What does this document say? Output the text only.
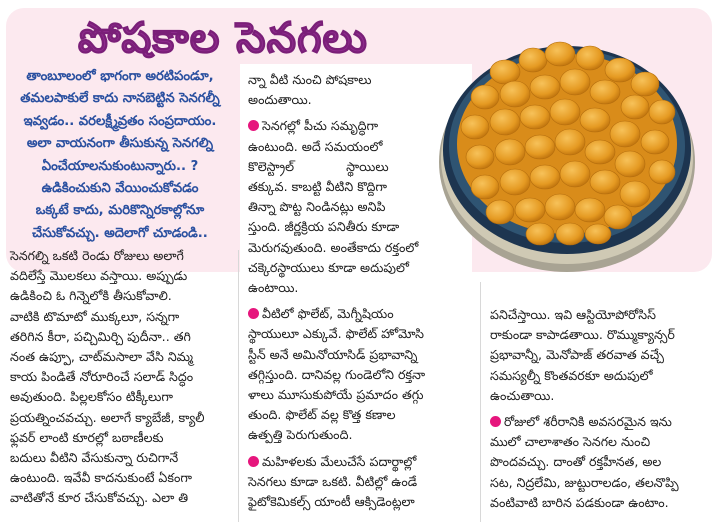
పోషకాల సెనగలు
తాంబూలంలో భాగంగా అరటిపండూ,
తమలపాకులే కాదు నానబెట్టిన సెనగల్నీ
ఇవ్వడం.. వరలక్ష్మీవ్రతం సంప్రదాయం.
అలా వాయనంగా తీసుకున్న సెనగల్ని
ఏంచేయాలనుకుంటున్నారు.. ?
ఉడికించుకుని వేయించుకోవడం
ఒక్కటే కాదు, మరికొన్నిరకాల్లోనూ
చేసుకోవచ్చు. అదెలాగో చూడండి..
సెనగల్ని ఒకటి రెండు రోజులు అలాగే
వదిలేస్తే మొలకలు వస్తాయి. అప్పుడు
ఉడికించి ఓ గిన్నెలోకి తీసుకోవాలి.
వాటికి టొమాటో ముక్కలూ, సన్నగా
తరిగిన కీరా, పచ్చిమిర్చి పుదీనా.. తగి
నంత ఉప్పూ, చాట్‌మసాలా వేసి నిమ్మ
కాయ పిండితే నోరూరించే సలాడ్ సిద్ధం
అవుతుంది. పిల్లలకోసం టిక్కీలుగా
ప్రయత్నించవచ్చు. అలాగే క్యాబేజీ, క్యాలీ
ఫ్లవర్ లాంటి కూరల్లో బఠాణీలకు
బదులు వీటిని వేసుకున్నా రుచిగానే
ఉంటుంది. ఇవేవీ కాదనుకుంటే ఏకంగా
వాటితోనే కూర చేసుకోవచ్చు. ఎలా తి
న్నా వీటి నుంచి పోషకాలు
అందుతాయి.
సెనగల్లో పీచు సమృద్ధిగా
ఉంటుంది. అదే సమయంలో
కొలెస్ట్రాల్             స్థాయిలు
తక్కువ. కాబట్టి వీటిని కొద్దిగా
తిన్నా పొట్ట నిండినట్లు అనిపి
స్తుంది. జీర్ణక్రియ పనితీరు కూడా
మెరుగవుతుంది. అంతేకాదు రక్తంలో
చక్కెరస్థాయులు కూడా అదుపులో
ఉంటాయి.
వీటిలో ఫొలేట్, మెగ్నీషియం
స్థాయులూ ఎక్కువే. ఫొలేట్ హోమోసి
స్టీన్ అనే అమినోయాసిడ్ ప్రభావాన్ని
తగ్గిస్తుంది. దానివల్ల గుండెలోని రక్తనా
ళాలు మూసుకుపోయే ప్రమాదం తగ్గు
తుంది. ఫొలేట్ వల్ల కొత్త కణాల
ఉత్పత్తి పెరుగుతుంది.
మహిళలకు మేలుచేసే పదార్థాల్లో
సెనగలు కూడా ఒకటి. వీటిల్లో ఉండే
ఫైటోకెమికల్స్ యాంటీ ఆక్సిడెంట్లలా
పనిచేస్తాయి. ఇవి ఆస్టియోపోరోసిస్
రాకుండా కాపాడతాయి. రొమ్ముక్యాన్సర్
ప్రభావాన్నీ, మెనోపాజ్ తరవాత వచ్చే
సమస్యల్నీ కొంతవరకూ అదుపులో
ఉంచుతాయి.
రోజులో శరీరానికి అవసరమైన ఇను
ములో చాలాశాతం సెనగల నుంచి
పొందవచ్చు. దాంతో రక్తహీనత, అల
సట, నిద్రలేమి, జుట్టురాలడం, తలనొప్పి
వంటివాటి బారిన పడకుండా ఉంటాం.
